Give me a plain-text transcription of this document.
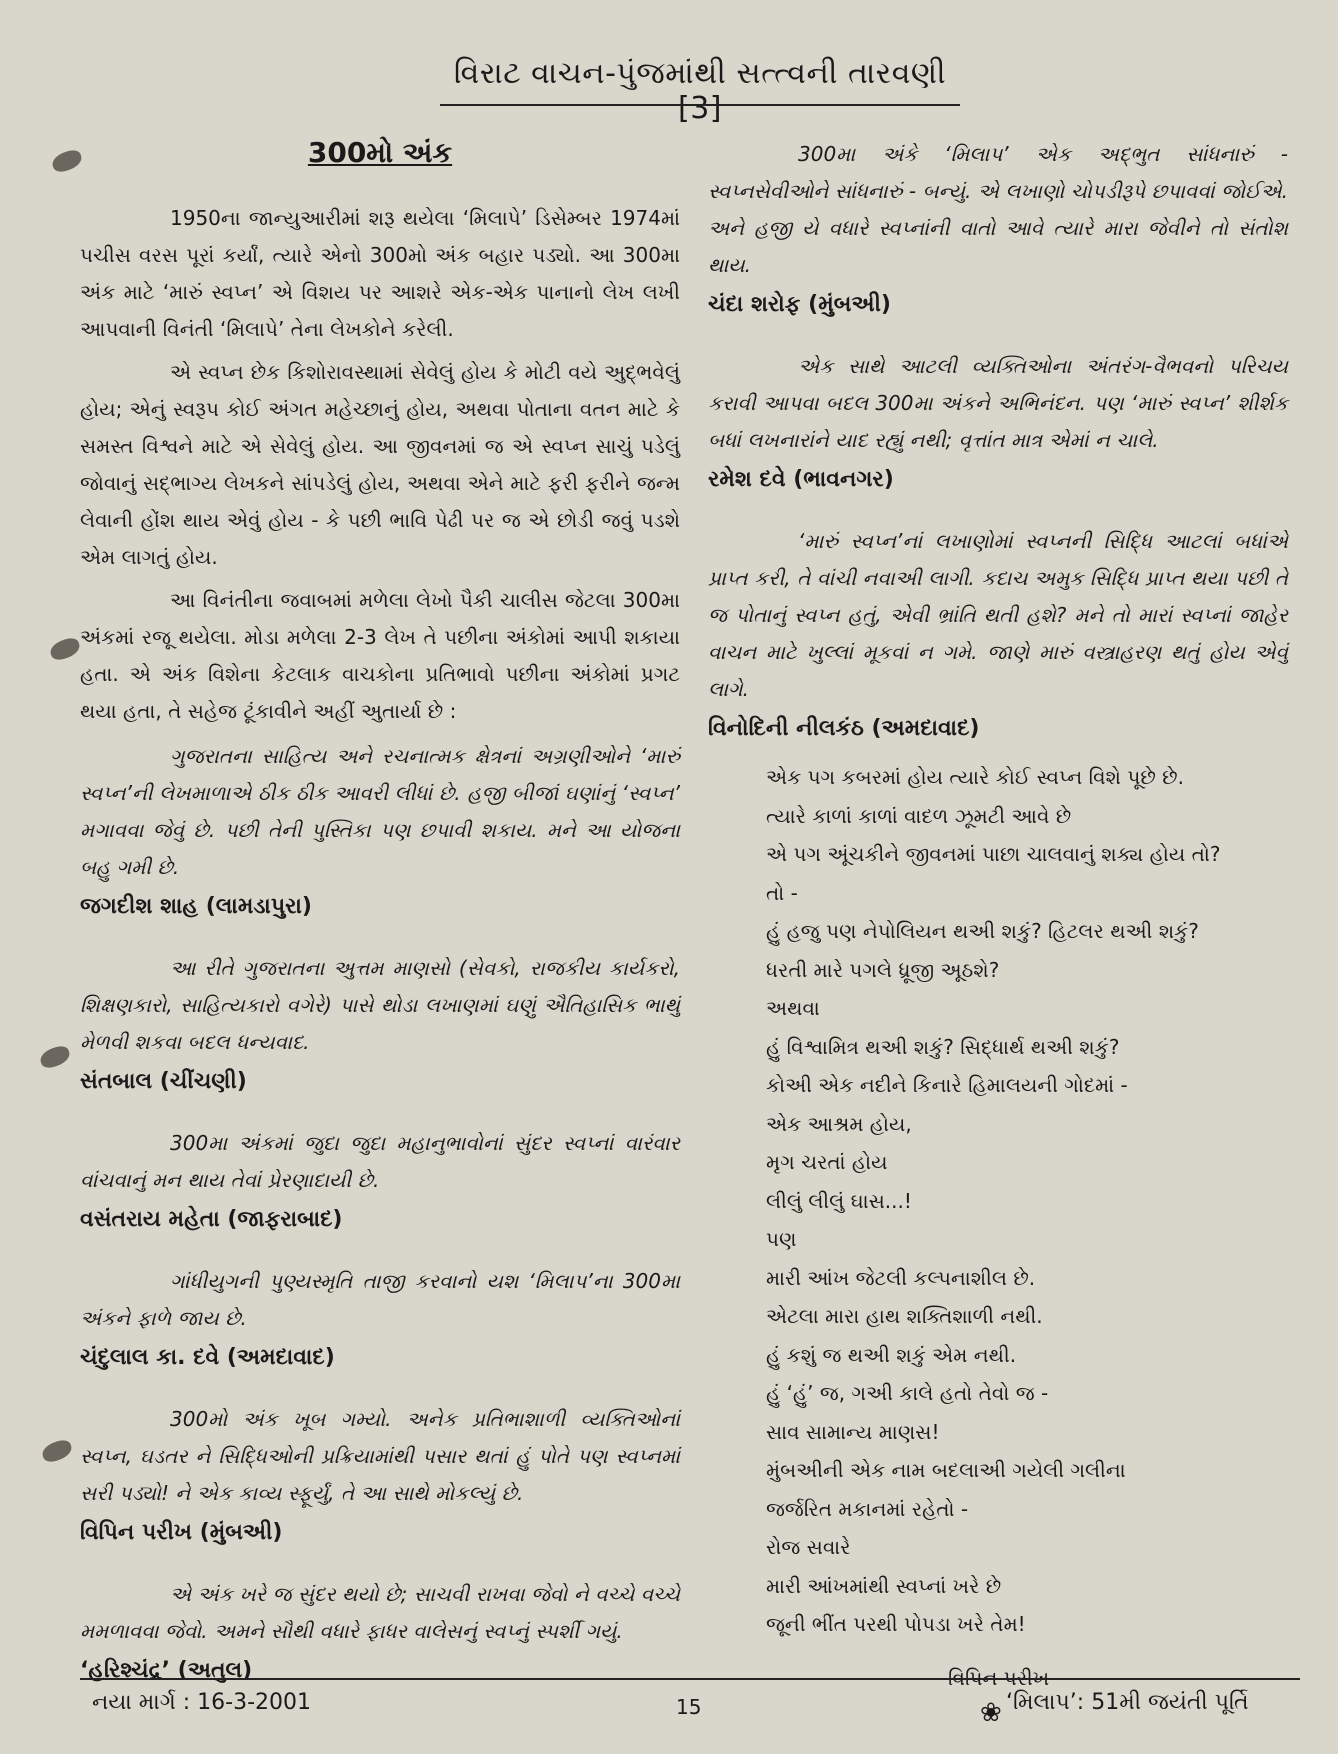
વિરાટ વાચન-પુંજમાંથી સત્ત્વની તારવણી [3]
300મો અંક

1950ના જાન્યુઆરીમાં શરૂ થયેલા ‘મિલાપે’ ડિસેમ્બર 1974માં પચીસ વરસ પૂરાં કર્યાં, ત્યારે એનો 300મો અંક બહાર પડ્યો. આ 300મા અંક માટે ‘મારું સ્વપ્ન’ એ વિશય પર આશરે એક-એક પાનાનો લેખ લખી આપવાની વિનંતી ‘મિલાપે’ તેના લેખકોને કરેલી.

એ સ્વપ્ન છેક કિશોરાવસ્થામાં સેવેલું હોય કે મોટી વયે અુદ્ભવેલું હોય; એનું સ્વરૂપ કોઈ અંગત મહેચ્છાનું હોય, અથવા પોતાના વતન માટે કે સમસ્ત વિશ્વને માટે એ સેવેલું હોય. આ જીવનમાં જ એ સ્વપ્ન સાચું પડેલું જોવાનું સદ્ભાગ્ય લેખકને સાંપડેલું હોય, અથવા એને માટે ફરી ફરીને જન્મ લેવાની હોંશ થાય એવું હોય - કે પછી ભાવિ પેઢી પર જ એ છોડી જવું પડશે એમ લાગતું હોય.

આ વિનંતીના જવાબમાં મળેલા લેખો પૈકી ચાલીસ જેટલા 300મા અંકમાં રજૂ થયેલા. મોડા મળેલા 2-3 લેખ તે પછીના અંકોમાં આપી શકાયા હતા. એ અંક વિશેના કેટલાક વાચકોના પ્રતિભાવો પછીના અંકોમાં પ્રગટ થયા હતા, તે સહેજ ટૂંકાવીને અહીં અુતાર્યા છે :

ગુજરાતના સાહિત્ય અને રચનાત્મક ક્ષેત્રનાં અગ્રણીઓને ‘મારું સ્વપ્ન’ની લેખમાળાએ ઠીક ઠીક આવરી લીધાં છે. હજી બીજાં ઘણાંનું ‘સ્વપ્ન’ મગાવવા જેવું છે. પછી તેની પુસ્તિકા પણ છપાવી શકાય. મને આ યોજના બહુ ગમી છે.

જગદીશ શાહ (લામડાપુરા)

આ રીતે ગુજરાતના અુત્તમ માણસો (સેવકો, રાજકીય કાર્યકરો, શિક્ષણકારો, સાહિત્યકારો વગેરે) પાસે થોડા લખાણમાં ઘણું ઐતિહાસિક ભાથું મેળવી શકવા બદલ ધન્યવાદ.

સંતબાલ (ચીંચણી)

300મા અંકમાં જુદા જુદા મહાનુભાવોનાં સુંદર સ્વપ્નાં વારંવાર વાંચવાનું મન થાય તેવાં પ્રેરણાદાયી છે.

વસંતરાય મહેતા (જાફરાબાદ)

ગાંધીયુગની પુણ્યસ્મૃતિ તાજી કરવાનો યશ ‘મિલાપ’ના 300મા અંકને ફાળે જાય છે.

ચંદુલાલ કા. દવે (અમદાવાદ)

300મો અંક ખૂબ ગમ્યો. અનેક પ્રતિભાશાળી વ્યક્તિઓનાં સ્વપ્ન, ઘડતર ને સિદ્ધિઓની પ્રક્રિયામાંથી પસાર થતાં હું પોતે પણ સ્વપ્નમાં સરી પડ્યો! ને એક કાવ્ય સ્ફૂર્યું, તે આ સાથે મોકલ્યું છે.

વિપિન પરીખ (મુંબઅી)

એ અંક ખરે જ સુંદર થયો છે; સાચવી રાખવા જેવો ને વચ્ચે વચ્ચે મમળાવવા જેવો. અમને સૌથી વધારે ફાધર વાલેસનું સ્વપ્નું સ્પર્શી ગયું.

‘હરિશ્ચંદ્ર’ (અતુલ)

300મા અંકે ‘મિલાપ’ એક અદ્ભુત સાંધનારું - સ્વપ્નસેવીઓને સાંધનારું - બન્યું. એ લખાણો ચોપડીરૂપે છપાવવાં જોઈએ. અને હજી યે વધારે સ્વપ્નાંની વાતો આવે ત્યારે મારા જેવીને તો સંતોશ થાય.

ચંદા શરોફ (મુંબઅી)

એક સાથે આટલી વ્યક્તિઓના અંતરંગ-વૈભવનો પરિચય કરાવી આપવા બદલ 300મા અંકને અભિનંદન. પણ ‘મારું સ્વપ્ન’ શીર્શક બધાં લખનારાંને યાદ રહ્યું નથી; વૃત્તાંત માત્ર એમાં ન ચાલે.

રમેશ દવે (ભાવનગર)

‘મારું સ્વપ્ન’નાં લખાણોમાં સ્વપ્નની સિદ્ધિ આટલાં બધાંએ પ્રાપ્ત કરી, તે વાંચી નવાઅી લાગી. કદાચ અમુક સિદ્ધિ પ્રાપ્ત થયા પછી તે જ પોતાનું સ્વપ્ન હતું, એવી ભ્રાંતિ થતી હશે? મને તો મારાં સ્વપ્નાં જાહેર વાચન માટે ખુલ્લાં મૂકવાં ન ગમે. જાણે મારું વસ્ત્રાહરણ થતું હોય એવું લાગે.

વિનોદિની નીલકંઠ (અમદાવાદ)
એક પગ કબરમાં હોય ત્યારે કોઈ સ્વપ્ન વિશે પૂછે છે.
ત્યારે કાળાં કાળાં વાદળ ઝૂમટી આવે છે
એ પગ અૂંચકીને જીવનમાં પાછા ચાલવાનું શક્ય હોય તો?
તો -
હું હજુ પણ નેપોલિયન થઅી શકું? હિટલર થઅી શકું?
ધરતી મારે પગલે ધ્રૂજી અૂઠશે?
અથવા
હું વિશ્વામિત્ર થઅી શકું? સિદ્ધાર્થ થઅી શકું?
કોઅી એક નદીને કિનારે હિમાલયની ગોદમાં -
એક આશ્રમ હોય,
મૃગ ચરતાં હોય
લીલું લીલું ઘાસ...!
પણ
મારી આંખ જેટલી કલ્પનાશીલ છે.
એટલા મારા હાથ શક્તિશાળી નથી.
હું કશું જ થઅી શકું એમ નથી.
હું ‘હું’ જ, ગઅી કાલે હતો તેવો જ -
સાવ સામાન્ય માણસ!
મુંબઅીની એક નામ બદલાઅી ગયેલી ગલીના
જર્જરિત મકાનમાં રહેતો -
રોજ સવારે
મારી આંખમાંથી સ્વપ્નાં ખરે છે
જૂની ભીંત પરથી પોપડા ખરે તેમ!
વિપિન પરીખ
❀
નયા માર્ગ : 16-3-2001	15	‘મિલાપ’: 51મી જયંતી પૂર્તિ
